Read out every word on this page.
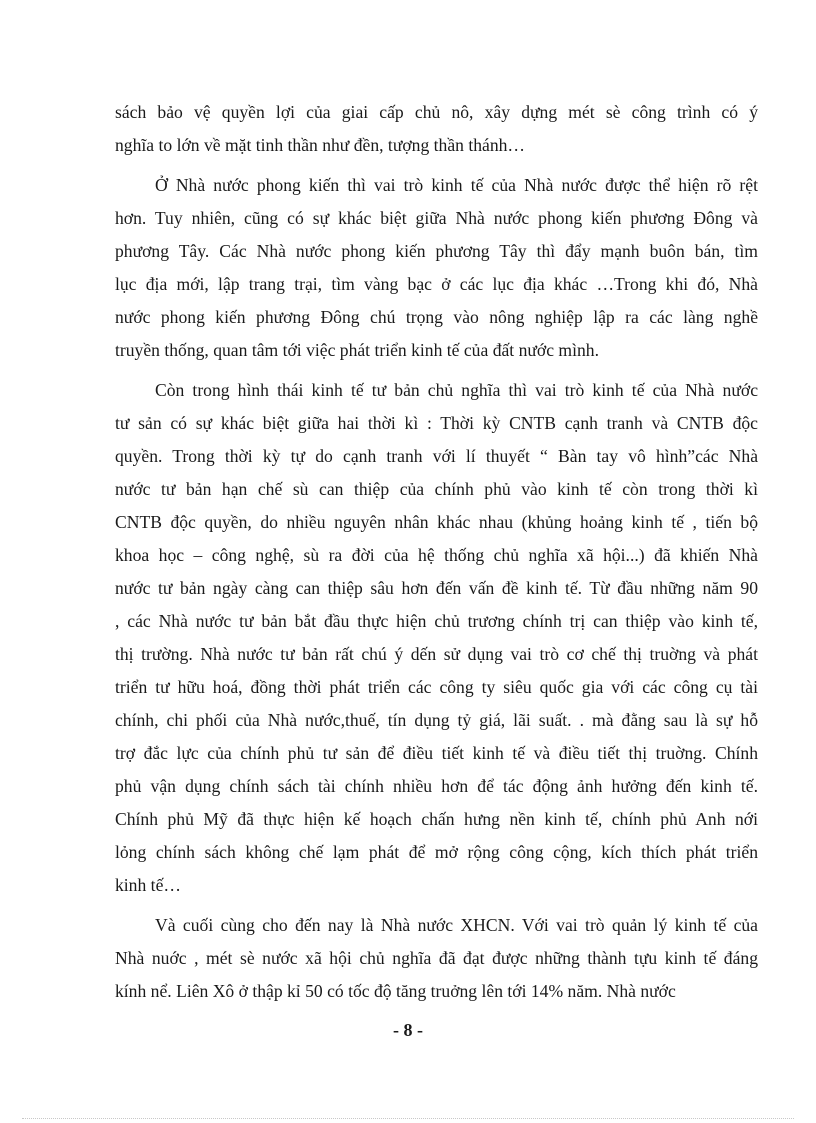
sách bảo vệ quyền lợi của giai cấp chủ nô, xây dựng mét sè công trình có ý
nghĩa to lớn về mặt tinh thần như đền, tượng thần thánh…

Ở Nhà nước phong kiến thì vai trò kinh tế của Nhà nước được thể hiện rõ rệt
hơn. Tuy nhiên, cũng có sự khác biệt giữa Nhà nước phong kiến phương Đông và
phương Tây. Các Nhà nước phong kiến phương Tây thì đẩy mạnh buôn bán, tìm
lục địa mới, lập trang trại, tìm vàng bạc ở các lục địa khác …Trong khi đó, Nhà
nước phong kiến phương Đông chú trọng vào nông nghiệp lập ra các làng nghề
truyền thống, quan tâm tới việc phát triển kinh tế của đất nước mình.

Còn trong hình thái kinh tế tư bản chủ nghĩa thì vai trò kinh tế của Nhà nước
tư sản có sự khác biệt giữa hai thời kì : Thời kỳ CNTB cạnh tranh và CNTB độc
quyền. Trong thời kỳ tự do cạnh tranh với lí thuyết “ Bàn tay vô hình”các Nhà
nước tư bản hạn chế sù can thiệp của chính phủ vào kinh tế còn trong thời kì
CNTB độc quyền, do nhiều nguyên nhân khác nhau (khủng hoảng kinh tế , tiến bộ
khoa học – công nghệ, sù ra đời của hệ thống chủ nghĩa xã hội...) đã khiến Nhà
nước tư bản ngày càng can thiệp sâu hơn đến vấn đề kinh tế. Từ đầu những năm 90
, các Nhà nước tư bản bắt đầu thực hiện chủ trương chính trị can thiệp vào kinh tế,
thị trường. Nhà nước tư bản rất chú ý dến sử dụng vai trò cơ chế thị truờng và phát
triển tư hữu hoá, đồng thời phát triển các công ty siêu quốc gia với các công cụ tài
chính, chi phối của Nhà nước,thuế, tín dụng tỷ giá, lãi suất. . mà đằng sau là sự hỗ
trợ đắc lực của chính phủ tư sản để điều tiết kinh tế và điều tiết thị truờng. Chính
phủ vận dụng chính sách tài chính nhiều hơn để tác động ảnh hưởng đến kinh tế.
Chính phủ Mỹ đã thực hiện kế hoạch chấn hưng nền kinh tế, chính phủ Anh nới
lỏng chính sách không chế lạm phát để mở rộng công cộng, kích thích phát triển
kinh tế…

Và cuối cùng cho đến nay là Nhà nước XHCN. Với vai trò quản lý kinh tế của
Nhà nuớc , mét sè nước xã hội chủ nghĩa đã đạt được những thành tựu kinh tế đáng
kính nể. Liên Xô ở thập kỉ 50 có tốc độ tăng truởng lên tới 14% năm. Nhà nước

- 8 -
